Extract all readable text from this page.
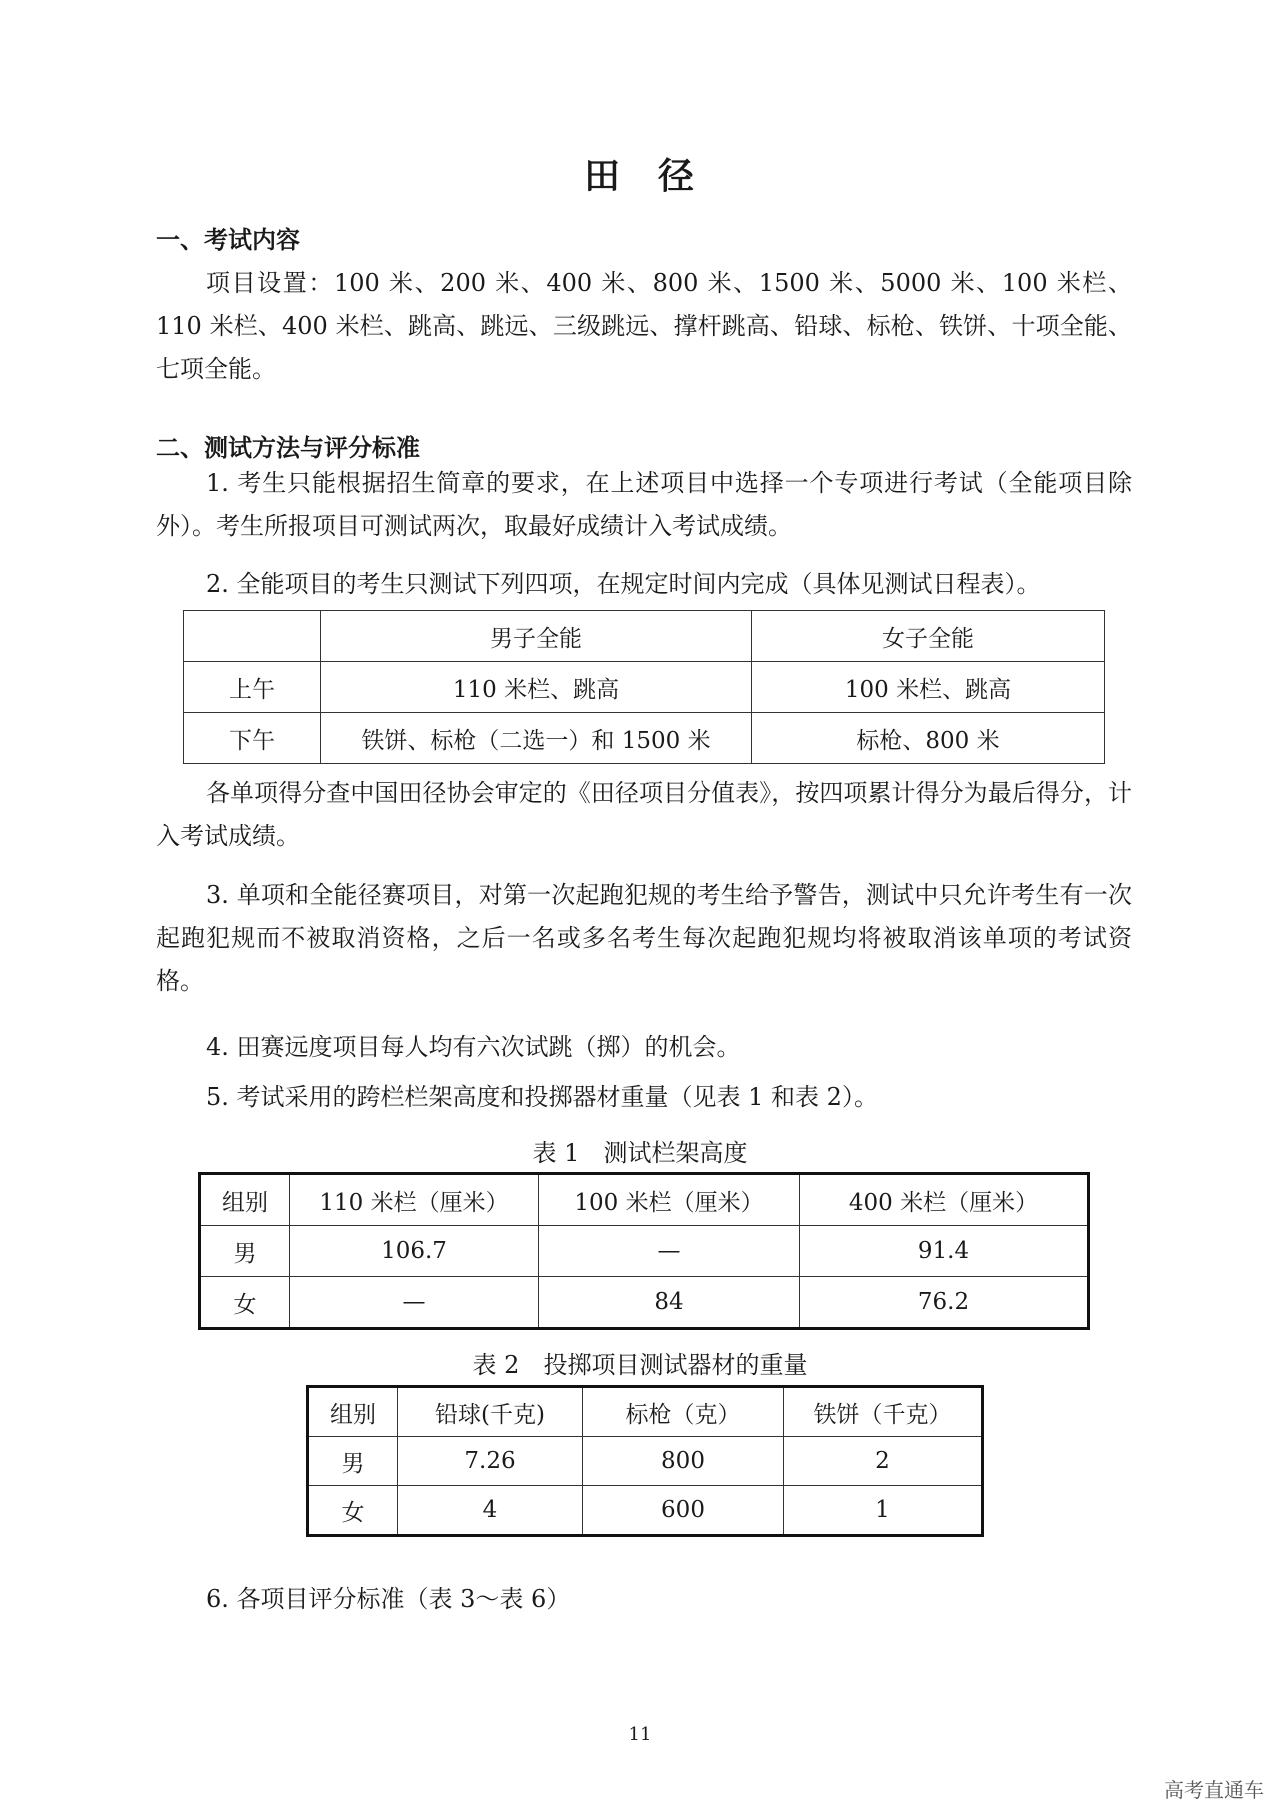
田 径
一、考试内容
项目设置：100 米、200 米、400 米、800 米、1500 米、5000 米、100 米栏、110 米栏、400 米栏、跳高、跳远、三级跳远、撑杆跳高、铅球、标枪、铁饼、十项全能、七项全能。
二、测试方法与评分标准
1. 考生只能根据招生简章的要求，在上述项目中选择一个专项进行考试（全能项目除外）。考生所报项目可测试两次，取最好成绩计入考试成绩。
2. 全能项目的考生只测试下列四项，在规定时间内完成（具体见测试日程表）。
	男子全能	女子全能
上午	110 米栏、跳高	100 米栏、跳高
下午	铁饼、标枪（二选一）和 1500 米	标枪、800 米
各单项得分查中国田径协会审定的《田径项目分值表》，按四项累计得分为最后得分，计入考试成绩。
3. 单项和全能径赛项目，对第一次起跑犯规的考生给予警告，测试中只允许考生有一次起跑犯规而不被取消资格，之后一名或多名考生每次起跑犯规均将被取消该单项的考试资格。
4. 田赛远度项目每人均有六次试跳（掷）的机会。
5. 考试采用的跨栏栏架高度和投掷器材重量（见表 1 和表 2）。
表 1　测试栏架高度
组别	110 米栏（厘米）	100 米栏（厘米）	400 米栏（厘米）
男	106.7	—	91.4
女	—	84	76.2
表 2　投掷项目测试器材的重量
组别	铅球(千克)	标枪（克）	铁饼（千克）
男	7.26	800	2
女	4	600	1
6. 各项目评分标准（表 3～表 6）
11
高考直通车
